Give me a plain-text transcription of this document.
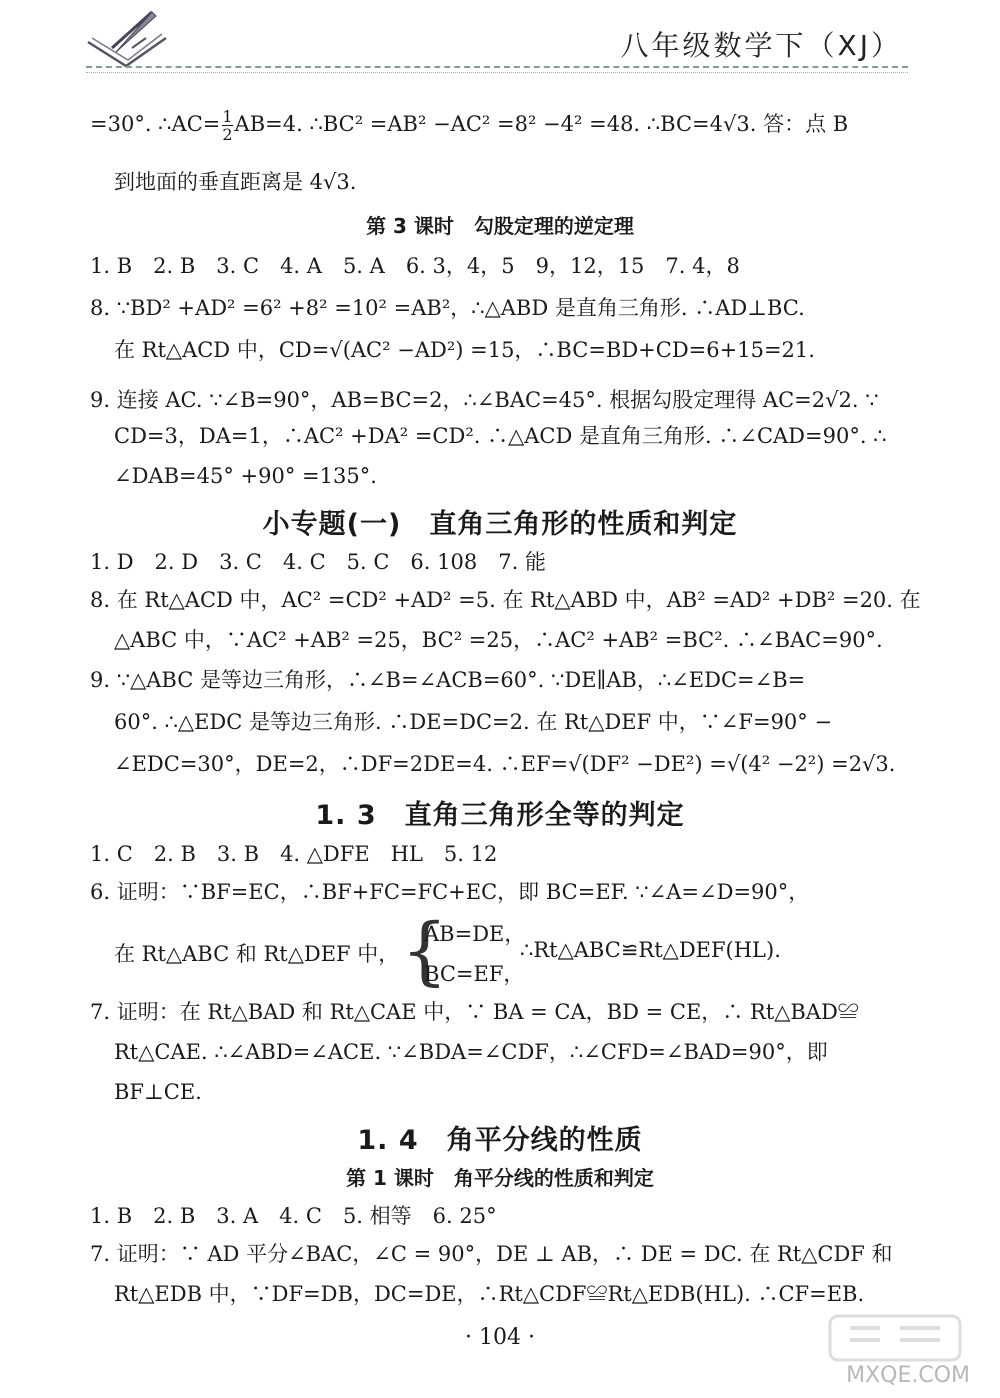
八年级数学下（XJ）
=30°. ∴AC= $\frac{1}{2} AB=4$. ∴BC² =AB² −AC² =8² −4² =48. ∴BC=4√3. 答：点 B
到地面的垂直距离是 4√3.
第 3 课时　勾股定理的逆定理
1. B　2. B　3. C　4. A　5. A　6. 3，4，5　9，12，15　7. 4，8
8. ∵BD² +AD² =6² +8² =10² =AB²，∴△ABD 是直角三角形. ∴AD⊥BC.
在 Rt△ACD 中，CD=√(AC² −AD²) =15，∴BC=BD+CD=6+15=21.
9. 连接 AC. ∵∠B=90°，AB=BC=2，∴∠BAC=45°. 根据勾股定理得 AC=2√2. ∵
CD=3，DA=1，∴AC² +DA² =CD². ∴△ACD 是直角三角形. ∴∠CAD=90°. ∴
∠DAB=45° +90° =135°.
小专题(一)　直角三角形的性质和判定
1. D　2. D　3. C　4. C　5. C　6. 108　7. 能
8. 在 Rt△ACD 中，AC² =CD² +AD² =5. 在 Rt△ABD 中，AB² =AD² +DB² =20. 在
△ABC 中，∵AC² +AB² =25，BC² =25，∴AC² +AB² =BC². ∴∠BAC=90°.
9. ∵△ABC 是等边三角形，∴∠B=∠ACB=60°. ∵DE∥AB，∴∠EDC=∠B=
60°. ∴△EDC 是等边三角形. ∴DE=DC=2. 在 Rt△DEF 中，∵∠F=90° −
∠EDC=30°，DE=2，∴DF=2DE=4. ∴EF=√(DF² −DE²) =√(4² −2²) =2√3.
1. 3　直角三角形全等的判定
1. C　2. B　3. B　4. △DFE　HL　5. 12
6. 证明：∵BF=EC，∴BF+FC=FC+EC，即 BC=EF. ∵∠A=∠D=90°，
在 Rt△ABC 和 Rt△DEF 中， {
AB=DE，
BC=EF，
∴Rt△ABC≌Rt△DEF(HL).
7. 证明：在 Rt△BAD 和 Rt△CAE 中，∵ BA = CA，BD = CE，∴ Rt△BAD≌
Rt△CAE. ∴∠ABD=∠ACE. ∵∠BDA=∠CDF，∴∠CFD=∠BAD=90°，即
BF⊥CE.
1. 4　角平分线的性质
第 1 课时　角平分线的性质和判定
1. B　2. B　3. A　4. C　5. 相等　6. 25°
7. 证明：∵ AD 平分∠BAC，∠C = 90°，DE ⊥ AB，∴ DE = DC. 在 Rt△CDF 和
Rt△EDB 中，∵DF=DB，DC=DE，∴Rt△CDF≌Rt△EDB(HL). ∴CF=EB.
· 104 ·
MXQE.COM
